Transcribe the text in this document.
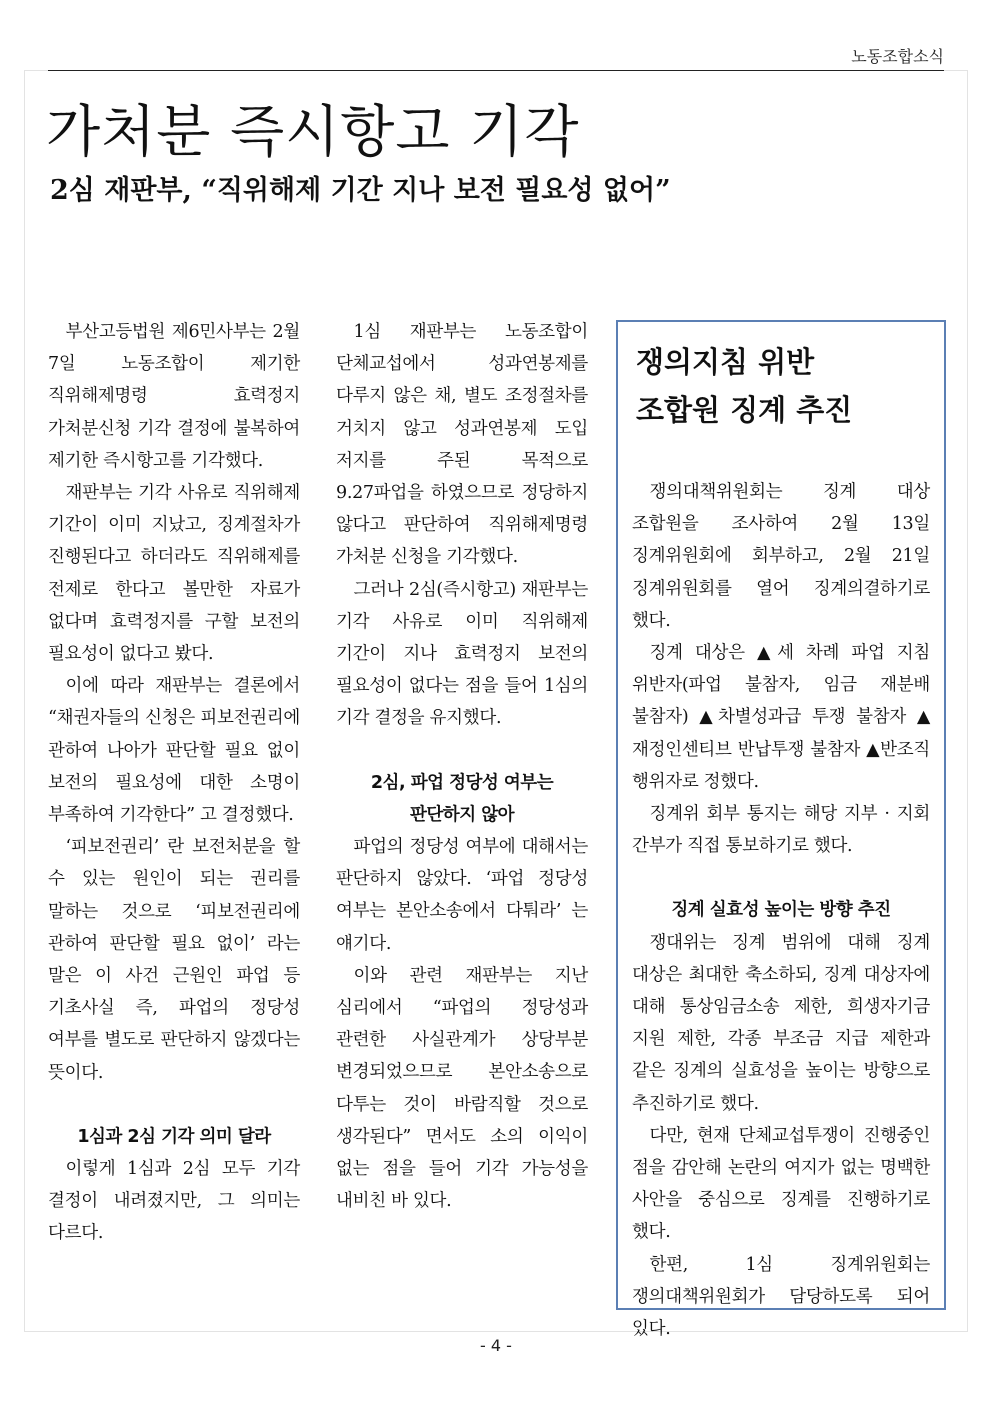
노동조합소식
가처분 즉시항고 기각
2심 재판부, “직위해제 기간 지나 보전 필요성 없어”

부산고등법원 제6민사부는 2월 7일 노동조합이 제기한 직위해제명령 효력정지 가처분신청 기각 결정에 불복하여 제기한 즉시항고를 기각했다.

재판부는 기각 사유로 직위해제 기간이 이미 지났고, 징계절차가 진행된다고 하더라도 직위해제를 전제로 한다고 볼만한 자료가 없다며 효력정지를 구할 보전의 필요성이 없다고 봤다.

이에 따라 재판부는 결론에서 “채권자들의 신청은 피보전권리에 관하여 나아가 판단할 필요 없이 보전의 필요성에 대한 소명이 부족하여 기각한다” 고 결정했다.

‘피보전권리’ 란 보전처분을 할 수 있는 원인이 되는 권리를 말하는 것으로 ‘피보전권리에 관하여 판단할 필요 없이’ 라는 말은 이 사건 근원인 파업 등 기초사실 즉, 파업의 정당성 여부를 별도로 판단하지 않겠다는 뜻이다.

1심과 2심 기각 의미 달라

이렇게 1심과 2심 모두 기각 결정이 내려졌지만, 그 의미는 다르다.

1심 재판부는 노동조합이 단체교섭에서 성과연봉제를 다루지 않은 채, 별도 조정절차를 거치지 않고 성과연봉제 도입 저지를 주된 목적으로 9.27파업을 하였으므로 정당하지 않다고 판단하여 직위해제명령 가처분 신청을 기각했다.

그러나 2심(즉시항고) 재판부는 기각 사유로 이미 직위해제 기간이 지나 효력정지 보전의 필요성이 없다는 점을 들어 1심의 기각 결정을 유지했다.

2심, 파업 정당성 여부는 판단하지 않아

파업의 정당성 여부에 대해서는 판단하지 않았다. ‘파업 정당성 여부는 본안소송에서 다퉈라’ 는 얘기다.

이와 관련 재판부는 지난 심리에서 “파업의 정당성과 관련한 사실관계가 상당부분 변경되었으므로 본안소송으로 다투는 것이 바람직할 것으로 생각된다” 면서도 소의 이익이 없는 점을 들어 기각 가능성을 내비친 바 있다.

쟁의지침 위반
조합원 징계 추진

쟁의대책위원회는 징계 대상 조합원을 조사하여 2월 13일 징계위원회에 회부하고, 2월 21일 징계위원회를 열어 징계의결하기로 했다.

징계 대상은 ▲세 차례 파업 지침 위반자(파업 불참자, 임금 재분배 불참자) ▲차별성과급 투쟁 불참자 ▲재정인센티브 반납투쟁 불참자 ▲반조직 행위자로 정했다.

징계위 회부 통지는 해당 지부 · 지회 간부가 직접 통보하기로 했다.

징계 실효성 높이는 방향 추진

쟁대위는 징계 범위에 대해 징계 대상은 최대한 축소하되, 징계 대상자에 대해 통상임금소송 제한, 희생자기금 지원 제한, 각종 부조금 지급 제한과 같은 징계의 실효성을 높이는 방향으로 추진하기로 했다.

다만, 현재 단체교섭투쟁이 진행중인 점을 감안해 논란의 여지가 없는 명백한 사안을 중심으로 징계를 진행하기로 했다.

한편, 1심 징계위원회는 쟁의대책위원회가 담당하도록 되어 있다.

- 4 -
